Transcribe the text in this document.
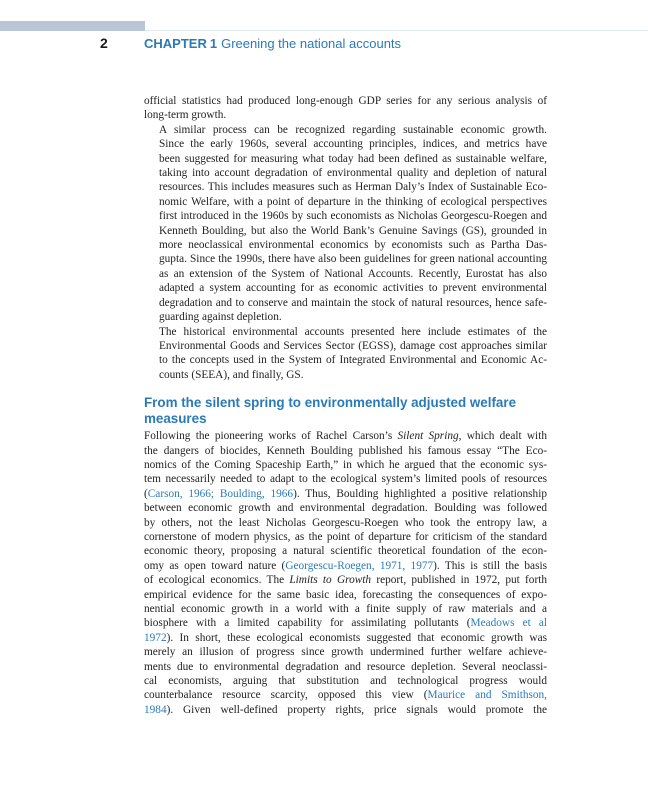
2	CHAPTER 1 Greening the national accounts

official statistics had produced long-enough GDP series for any serious analysis of
long-term growth.

A similar process can be recognized regarding sustainable economic growth.
Since the early 1960s, several accounting principles, indices, and metrics have
been suggested for measuring what today had been defined as sustainable welfare,
taking into account degradation of environmental quality and depletion of natural
resources. This includes measures such as Herman Daly’s Index of Sustainable Eco-
nomic Welfare, with a point of departure in the thinking of ecological perspectives
first introduced in the 1960s by such economists as Nicholas Georgescu-Roegen and
Kenneth Boulding, but also the World Bank’s Genuine Savings (GS), grounded in
more neoclassical environmental economics by economists such as Partha Das-
gupta. Since the 1990s, there have also been guidelines for green national accounting
as an extension of the System of National Accounts. Recently, Eurostat has also
adapted a system accounting for as economic activities to prevent environmental
degradation and to conserve and maintain the stock of natural resources, hence safe-
guarding against depletion.

The historical environmental accounts presented here include estimates of the
Environmental Goods and Services Sector (EGSS), damage cost approaches similar
to the concepts used in the System of Integrated Environmental and Economic Ac-
counts (SEEA), and finally, GS.

From the silent spring to environmentally adjusted welfare
measures

Following the pioneering works of Rachel Carson’s Silent Spring, which dealt with
the dangers of biocides, Kenneth Boulding published his famous essay “The Eco-
nomics of the Coming Spaceship Earth,” in which he argued that the economic sys-
tem necessarily needed to adapt to the ecological system’s limited pools of resources
(Carson, 1966; Boulding, 1966). Thus, Boulding highlighted a positive relationship
between economic growth and environmental degradation. Boulding was followed
by others, not the least Nicholas Georgescu-Roegen who took the entropy law, a
cornerstone of modern physics, as the point of departure for criticism of the standard
economic theory, proposing a natural scientific theoretical foundation of the econ-
omy as open toward nature (Georgescu-Roegen, 1971, 1977). This is still the basis
of ecological economics. The Limits to Growth report, published in 1972, put forth
empirical evidence for the same basic idea, forecasting the consequences of expo-
nential economic growth in a world with a finite supply of raw materials and a
biosphere with a limited capability for assimilating pollutants (Meadows et al
1972). In short, these ecological economists suggested that economic growth was
merely an illusion of progress since growth undermined further welfare achieve-
ments due to environmental degradation and resource depletion. Several neoclassi-
cal economists, arguing that substitution and technological progress would
counterbalance resource scarcity, opposed this view (Maurice and Smithson,
1984). Given well-defined property rights, price signals would promote the
